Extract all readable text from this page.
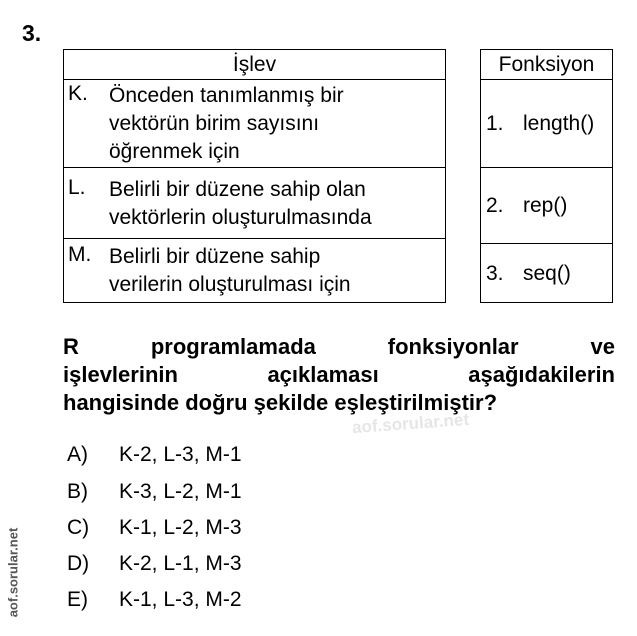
3.
İşlev
K. Önceden tanımlanmış bir
vektörün birim sayısını
öğrenmek için
L. Belirli bir düzene sahip olan
vektörlerin oluşturulmasında
M. Belirli bir düzene sahip
verilerin oluşturulması için
Fonksiyon
1. length()
2. rep()
3. seq()
R programlamada fonksiyonlar ve
işlevlerinin açıklaması aşağıdakilerin
hangisinde doğru şekilde eşleştirilmiştir?
aof.sorular.net
A) K-2, L-3, M-1
B) K-3, L-2, M-1
C) K-1, L-2, M-3
D) K-2, L-1, M-3
E) K-1, L-3, M-2
aof.sorular.net
